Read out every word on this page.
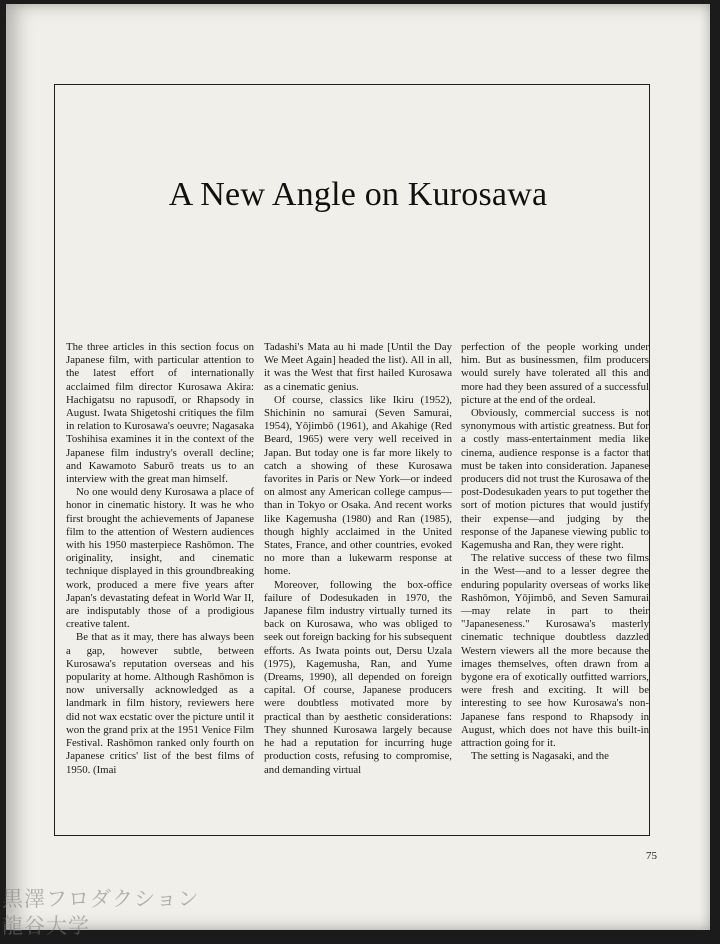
A New Angle on Kurosawa

The three articles in this section focus on Japanese film, with particular attention to the latest effort of internationally acclaimed film director Kurosawa Akira: Hachigatsu no rapusodī, or Rhapsody in August. Iwata Shigetoshi critiques the film in relation to Kurosawa's oeuvre; Nagasaka Toshihisa examines it in the context of the Japanese film industry's overall decline; and Kawamoto Saburō treats us to an interview with the great man himself.

No one would deny Kurosawa a place of honor in cinematic history. It was he who first brought the achievements of Japanese film to the attention of Western audiences with his 1950 masterpiece Rashōmon. The originality, insight, and cinematic technique displayed in this groundbreaking work, produced a mere five years after Japan's devastating defeat in World War II, are indisputably those of a prodigious creative talent.

Be that as it may, there has always been a gap, however subtle, between Kurosawa's reputation overseas and his popularity at home. Although Rashōmon is now universally acknowledged as a landmark in film history, reviewers here did not wax ecstatic over the picture until it won the grand prix at the 1951 Venice Film Festival. Rashōmon ranked only fourth on Japanese critics' list of the best films of 1950. (Imai

Tadashi's Mata au hi made [Until the Day We Meet Again] headed the list). All in all, it was the West that first hailed Kurosawa as a cinematic genius.

Of course, classics like Ikiru (1952), Shichinin no samurai (Seven Samurai, 1954), Yōjimbō (1961), and Akahige (Red Beard, 1965) were very well received in Japan. But today one is far more likely to catch a showing of these Kurosawa favorites in Paris or New York—or indeed on almost any American college campus—than in Tokyo or Osaka. And recent works like Kagemusha (1980) and Ran (1985), though highly acclaimed in the United States, France, and other countries, evoked no more than a lukewarm response at home.

Moreover, following the box-office failure of Dodesukaden in 1970, the Japanese film industry virtually turned its back on Kurosawa, who was obliged to seek out foreign backing for his subsequent efforts. As Iwata points out, Dersu Uzala (1975), Kagemusha, Ran, and Yume (Dreams, 1990), all depended on foreign capital. Of course, Japanese producers were doubtless motivated more by practical than by aesthetic considerations: They shunned Kurosawa largely because he had a reputation for incurring huge production costs, refusing to compromise, and demanding virtual

perfection of the people working under him. But as businessmen, film producers would surely have tolerated all this and more had they been assured of a successful picture at the end of the ordeal.

Obviously, commercial success is not synonymous with artistic greatness. But for a costly mass-entertainment media like cinema, audience response is a factor that must be taken into consideration. Japanese producers did not trust the Kurosawa of the post-Dodesukaden years to put together the sort of motion pictures that would justify their expense—and judging by the response of the Japanese viewing public to Kagemusha and Ran, they were right.

The relative success of these two films in the West—and to a lesser degree the enduring popularity overseas of works like Rashōmon, Yōjimbō, and Seven Samurai—may relate in part to their "Japaneseness." Kurosawa's masterly cinematic technique doubtless dazzled Western viewers all the more because the images themselves, often drawn from a bygone era of exotically outfitted warriors, were fresh and exciting. It will be interesting to see how Kurosawa's non-Japanese fans respond to Rhapsody in August, which does not have this built-in attraction going for it.

The setting is Nagasaki, and the

75
黒澤フロダクション
龍谷大学
